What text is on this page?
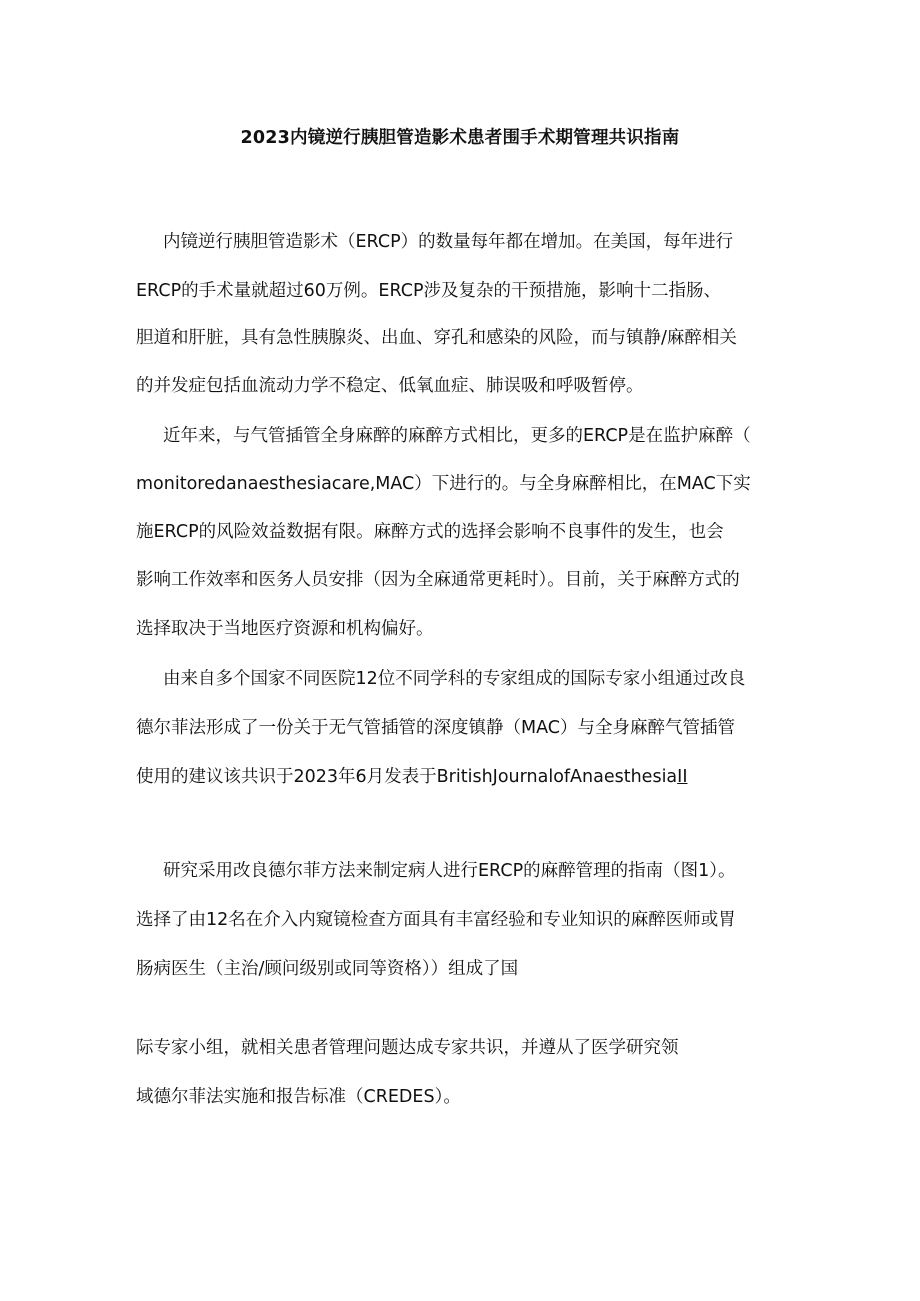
2023内镜逆行胰胆管造影术患者围手术期管理共识指南
内镜逆行胰胆管造影术（ERCP）的数量每年都在增加。在美国，每年进行
ERCP的手术量就超过60万例。ERCP涉及复杂的干预措施，影响十二指肠、
胆道和肝脏，具有急性胰腺炎、出血、穿孔和感染的风险，而与镇静/麻醉相关
的并发症包括血流动力学不稳定、低氧血症、肺误吸和呼吸暂停。
近年来，与气管插管全身麻醉的麻醉方式相比，更多的ERCP是在监护麻醉（
monitoredanaesthesiacare,MAC）下进行的。与全身麻醉相比，在MAC下实
施ERCP的风险效益数据有限。麻醉方式的选择会影响不良事件的发生，也会
影响工作效率和医务人员安排（因为全麻通常更耗时）。目前，关于麻醉方式的
选择取决于当地医疗资源和机构偏好。
由来自多个国家不同医院12位不同学科的专家组成的国际专家小组通过改良
德尔菲法形成了一份关于无气管插管的深度镇静（MAC）与全身麻醉气管插管
使用的建议该共识于2023年6月发表于BritishJournalofAnaesthesiaII
研究采用改良德尔菲方法来制定病人进行ERCP的麻醉管理的指南（图1）。
选择了由12名在介入内窥镜检查方面具有丰富经验和专业知识的麻醉医师或胃
肠病医生（主治/顾问级别或同等资格））组成了国
际专家小组，就相关患者管理问题达成专家共识，并遵从了医学研究领
域德尔菲法实施和报告标准（CREDES）。
